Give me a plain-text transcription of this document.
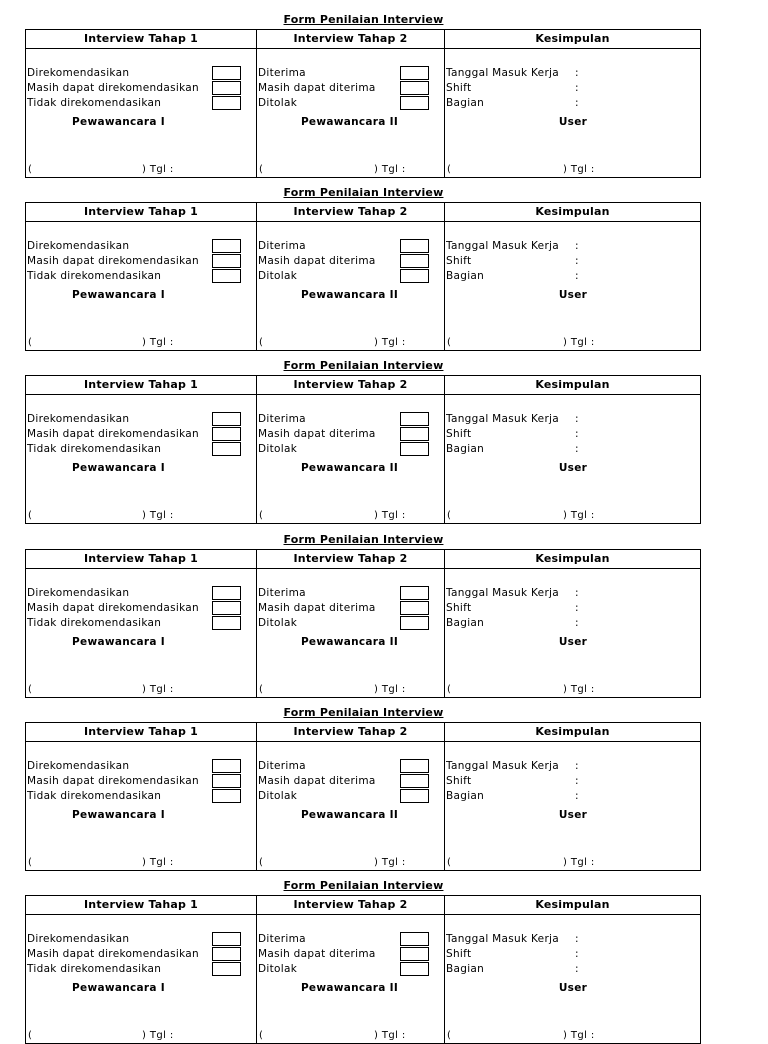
Form Penilaian Interview
Interview Tahap 1
Direkomendasikan
Masih dapat direkomendasikan
Tidak direkomendasikan
Pewawancara I
(	) Tgl :
Interview Tahap 2
Diterima
Masih dapat diterima
Ditolak
Pewawancara II
(	) Tgl :
Kesimpulan
Tanggal Masuk Kerja :
Shift	:
Bagian	:
User
(	) Tgl :
Form Penilaian Interview
Interview Tahap 1
Direkomendasikan
Masih dapat direkomendasikan
Tidak direkomendasikan
Pewawancara I
(	) Tgl :
Interview Tahap 2
Diterima
Masih dapat diterima
Ditolak
Pewawancara II
(	) Tgl :
Kesimpulan
Tanggal Masuk Kerja :
Shift	:
Bagian	:
User
(	) Tgl :
Form Penilaian Interview
Interview Tahap 1
Direkomendasikan
Masih dapat direkomendasikan
Tidak direkomendasikan
Pewawancara I
(	) Tgl :
Interview Tahap 2
Diterima
Masih dapat diterima
Ditolak
Pewawancara II
(	) Tgl :
Kesimpulan
Tanggal Masuk Kerja :
Shift	:
Bagian	:
User
(	) Tgl :
Form Penilaian Interview
Interview Tahap 1
Direkomendasikan
Masih dapat direkomendasikan
Tidak direkomendasikan
Pewawancara I
(	) Tgl :
Interview Tahap 2
Diterima
Masih dapat diterima
Ditolak
Pewawancara II
(	) Tgl :
Kesimpulan
Tanggal Masuk Kerja :
Shift	:
Bagian	:
User
(	) Tgl :
Form Penilaian Interview
Interview Tahap 1
Direkomendasikan
Masih dapat direkomendasikan
Tidak direkomendasikan
Pewawancara I
(	) Tgl :
Interview Tahap 2
Diterima
Masih dapat diterima
Ditolak
Pewawancara II
(	) Tgl :
Kesimpulan
Tanggal Masuk Kerja :
Shift	:
Bagian	:
User
(	) Tgl :
Form Penilaian Interview
Interview Tahap 1
Direkomendasikan
Masih dapat direkomendasikan
Tidak direkomendasikan
Pewawancara I
(	) Tgl :
Interview Tahap 2
Diterima
Masih dapat diterima
Ditolak
Pewawancara II
(	) Tgl :
Kesimpulan
Tanggal Masuk Kerja :
Shift	:
Bagian	:
User
(	) Tgl :
